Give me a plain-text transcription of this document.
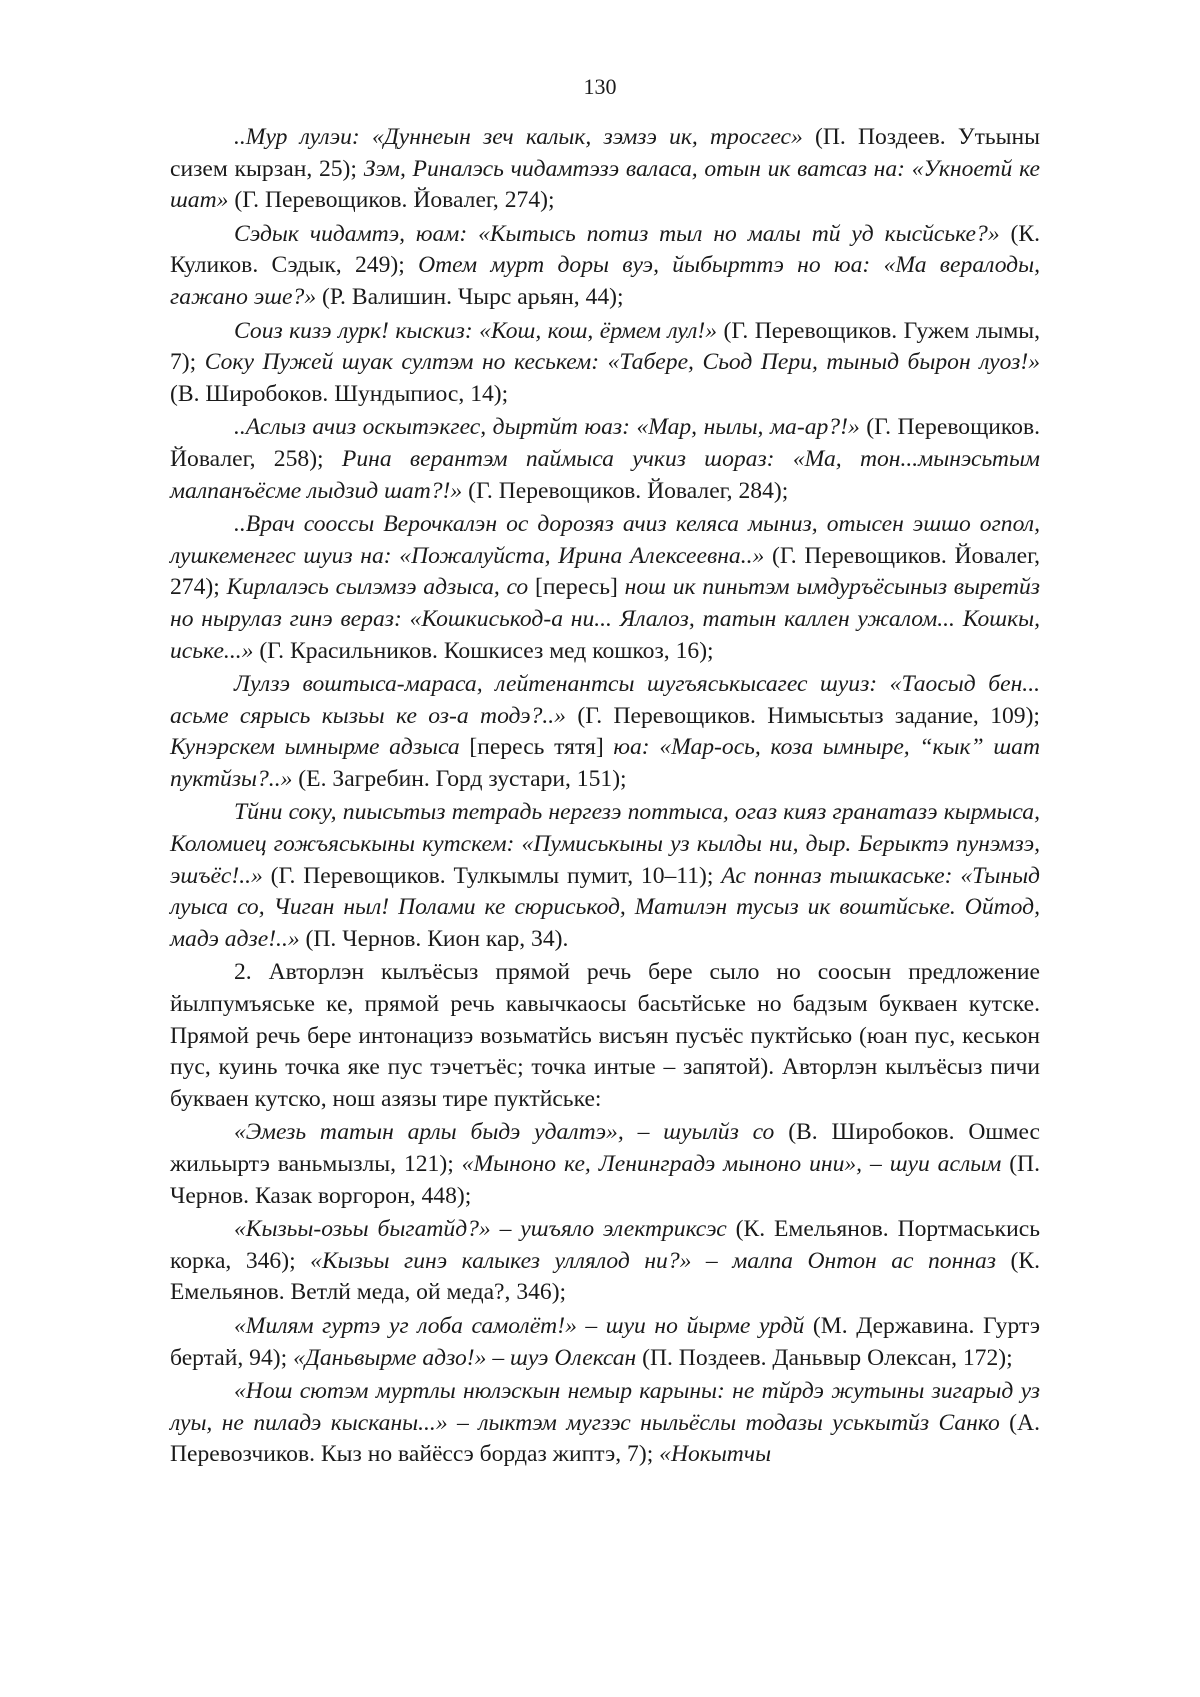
130

..Мур лулэи: «Дуннеын зеч калык, зэмзэ ик, тросгес» (П. Поздеев. Утьыны сизем кырзан, 25); Зэм, Риналэсь чидамтэзэ валаса, отын ик ватсаз на: «Укноетй ке шат» (Г. Перевощиков. Йовалег, 274);

Сэдык чидамтэ, юам: «Кытысь потиз тыл но малы тй уд кысйське?» (К. Куликов. Сэдык, 249); Отем мурт доры вуэ, йыбырттэ но юа: «Ма вералоды, гажано эше?» (Р. Валишин. Чырс арьян, 44);

Соиз кизэ лурк! кыскиз: «Кош, кош, ёрмем лул!» (Г. Перевощиков. Гужем лымы, 7); Соку Пужей шуак султэм но кеськем: «Табере, Сьод Пери, тыныд бырон луоз!» (В. Широбоков. Шундыпиос, 14);

..Аслыз ачиз оскытэкгес, дыртйт юаз: «Мар, нылы, ма-ар?!» (Г. Перевощиков. Йовалег, 258); Рина верантэм паймыса учкиз шораз: «Ма, тон...мынэсьтым малпанъёсме лыдзид шат?!» (Г. Перевощиков. Йовалег, 284);

..Врач сооссы Верочкалэн ос дорозяз ачиз келяса мыниз, отысен эшшо огпол, лушкеменгес шуиз на: «Пожалуйста, Ирина Алексеевна..» (Г. Перевощиков. Йовалег, 274); Кирлалэсь сылэмзэ адзыса, со [пересь] нош ик пиньтэм ымдуръёсыныз выретйз но нырулаз гинэ вераз: «Кошкиськод-а ни... Ялалоз, татын каллен ужалом... Кошкы, иське...» (Г. Красильников. Кошкисез мед кошкоз, 16);

Лулзэ воштыса-мараса, лейтенантсы шугъяськысагес шуиз: «Таосыд бен... асьме сярысь кызьы ке оз-а тодэ?..» (Г. Перевощиков. Нимысьтыз задание, 109); Кунэрскем ымнырме адзыса [пересь тятя] юа: «Мар-ось, коза ымныре, “кык” шат пуктйзы?..» (Е. Загребин. Горд зустари, 151);

Тйни соку, пиысьтыз тетрадь нергезэ поттыса, огаз кияз гранатазэ кырмыса, Коломиец гожъяськыны кутскем: «Пумиськыны уз кылды ни, дыр. Берыктэ пунэмзэ, эшъёс!..» (Г. Перевощиков. Тулкымлы пумит, 10–11); Ас понназ тышкаське: «Тыныд луыса со, Чиган ныл! Полами ке сюриськод, Матилэн тусыз ик воштйське. Ойтод, мадэ адзе!..» (П. Чернов. Кион кар, 34).

2. Авторлэн кылъёсыз прямой речь бере сыло но соосын предложение йылпумъяське ке, прямой речь кавычкаосы басьтйське но бадзым букваен кутске. Прямой речь бере интонацизэ возьматйсь висъян пусъёс пуктйсько (юан пус, кеськон пус, куинь точка яке пус тэчетъёс; точка интые – запятой). Авторлэн кылъёсыз пичи букваен кутско, нош азязы тире пуктйське:

«Эмезь татын арлы быдэ удалтэ», – шуылйз со (В. Широбоков. Ошмес жильыртэ ваньмызлы, 121); «Мыноно ке, Ленинградэ мыноно ини», – шуи аслым (П. Чернов. Казак воргорон, 448);

«Кызьы-озьы быгатйд?» – ушъяло электриксэс (К. Емельянов. Портмаськись корка, 346); «Кызьы гинэ калыкез уллялод ни?» – малпа Онтон ас понназ (К. Емельянов. Ветлй меда, ой меда?, 346);

«Милям гуртэ уг лоба самолёт!» – шуи но йырме урдй (М. Державина. Гуртэ бертай, 94); «Даньвырме адзо!» – шуэ Олексан (П. Поздеев. Даньвыр Олексан, 172);

«Нош сютэм муртлы нюлэскын немыр карыны: не тйрдэ жутыны зигарыд уз луы, не пиладэ кысканы...» – лыктэм мугзэс ныльёслы тодазы уськытйз Санко (А. Перевозчиков. Кыз но вайёссэ бордаз жиптэ, 7); «Нокытчы
